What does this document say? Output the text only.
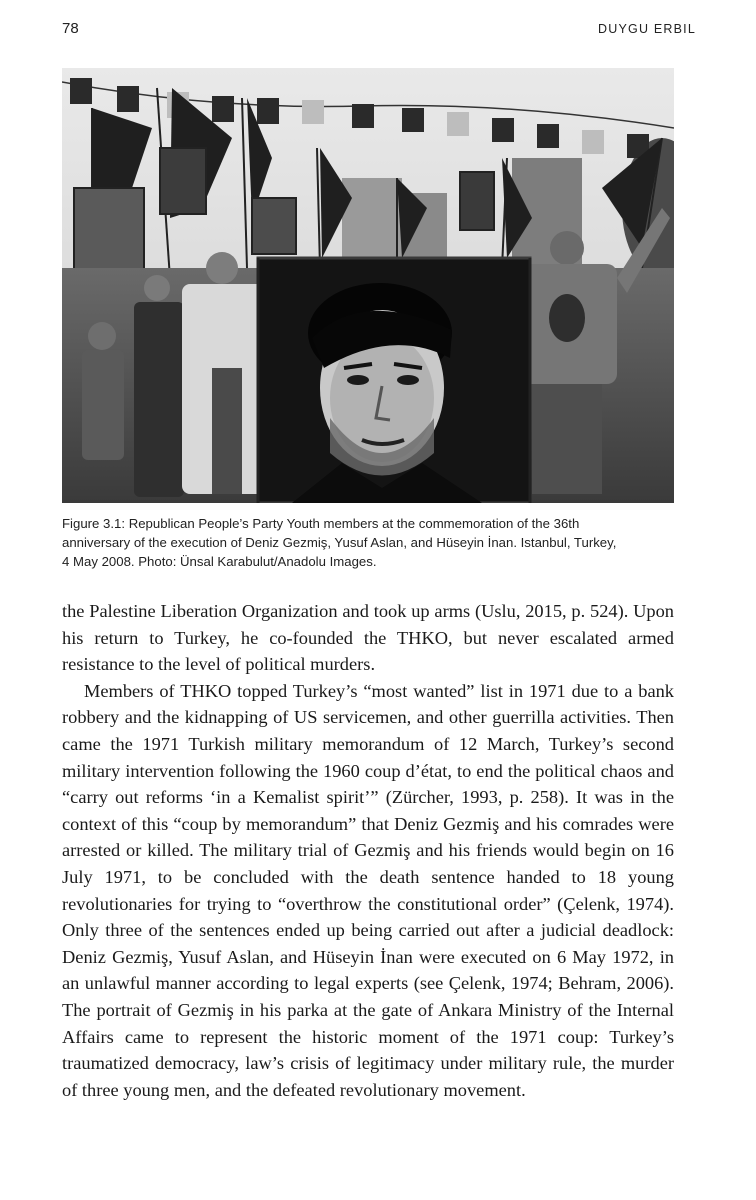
78	DUYGU ERBIL
Figure 3.1: Republican People’s Party Youth members at the commemoration of the 36th
anniversary of the execution of Deniz Gezmiş, Yusuf Aslan, and Hüseyin İnan. Istanbul, Turkey,
4 May 2008. Photo: Ünsal Karabulut/Anadolu Images.

the Palestine Liberation Organization and took up arms (Uslu, 2015, p. 524). Upon his return to Turkey, he co-founded the THKO, but never escalated armed resistance to the level of political murders.

Members of THKO topped Turkey’s “most wanted” list in 1971 due to a bank robbery and the kidnapping of US servicemen, and other guerrilla activities. Then came the 1971 Turkish military memorandum of 12 March, Turkey’s second military intervention following the 1960 coup d’état, to end the political chaos and “carry out reforms ‘in a Kemalist spirit’” (Zürcher, 1993, p. 258). It was in the context of this “coup by memorandum” that Deniz Gezmiş and his comrades were arrested or killed. The military trial of Gezmiş and his friends would begin on 16 July 1971, to be concluded with the death sentence handed to 18 young revolutionaries for trying to “overthrow the constitutional order” (Çelenk, 1974). Only three of the sentences ended up being carried out after a judicial deadlock: Deniz Gezmiş, Yusuf Aslan, and Hüseyin İnan were executed on 6 May 1972, in an unlawful manner according to legal experts (see Çelenk, 1974; Behram, 2006). The portrait of Gezmiş in his parka at the gate of Ankara Ministry of the Internal Affairs came to represent the historic moment of the 1971 coup: Turkey’s traumatized democracy, law’s crisis of legitimacy under military rule, the murder of three young men, and the defeated revolutionary movement.
